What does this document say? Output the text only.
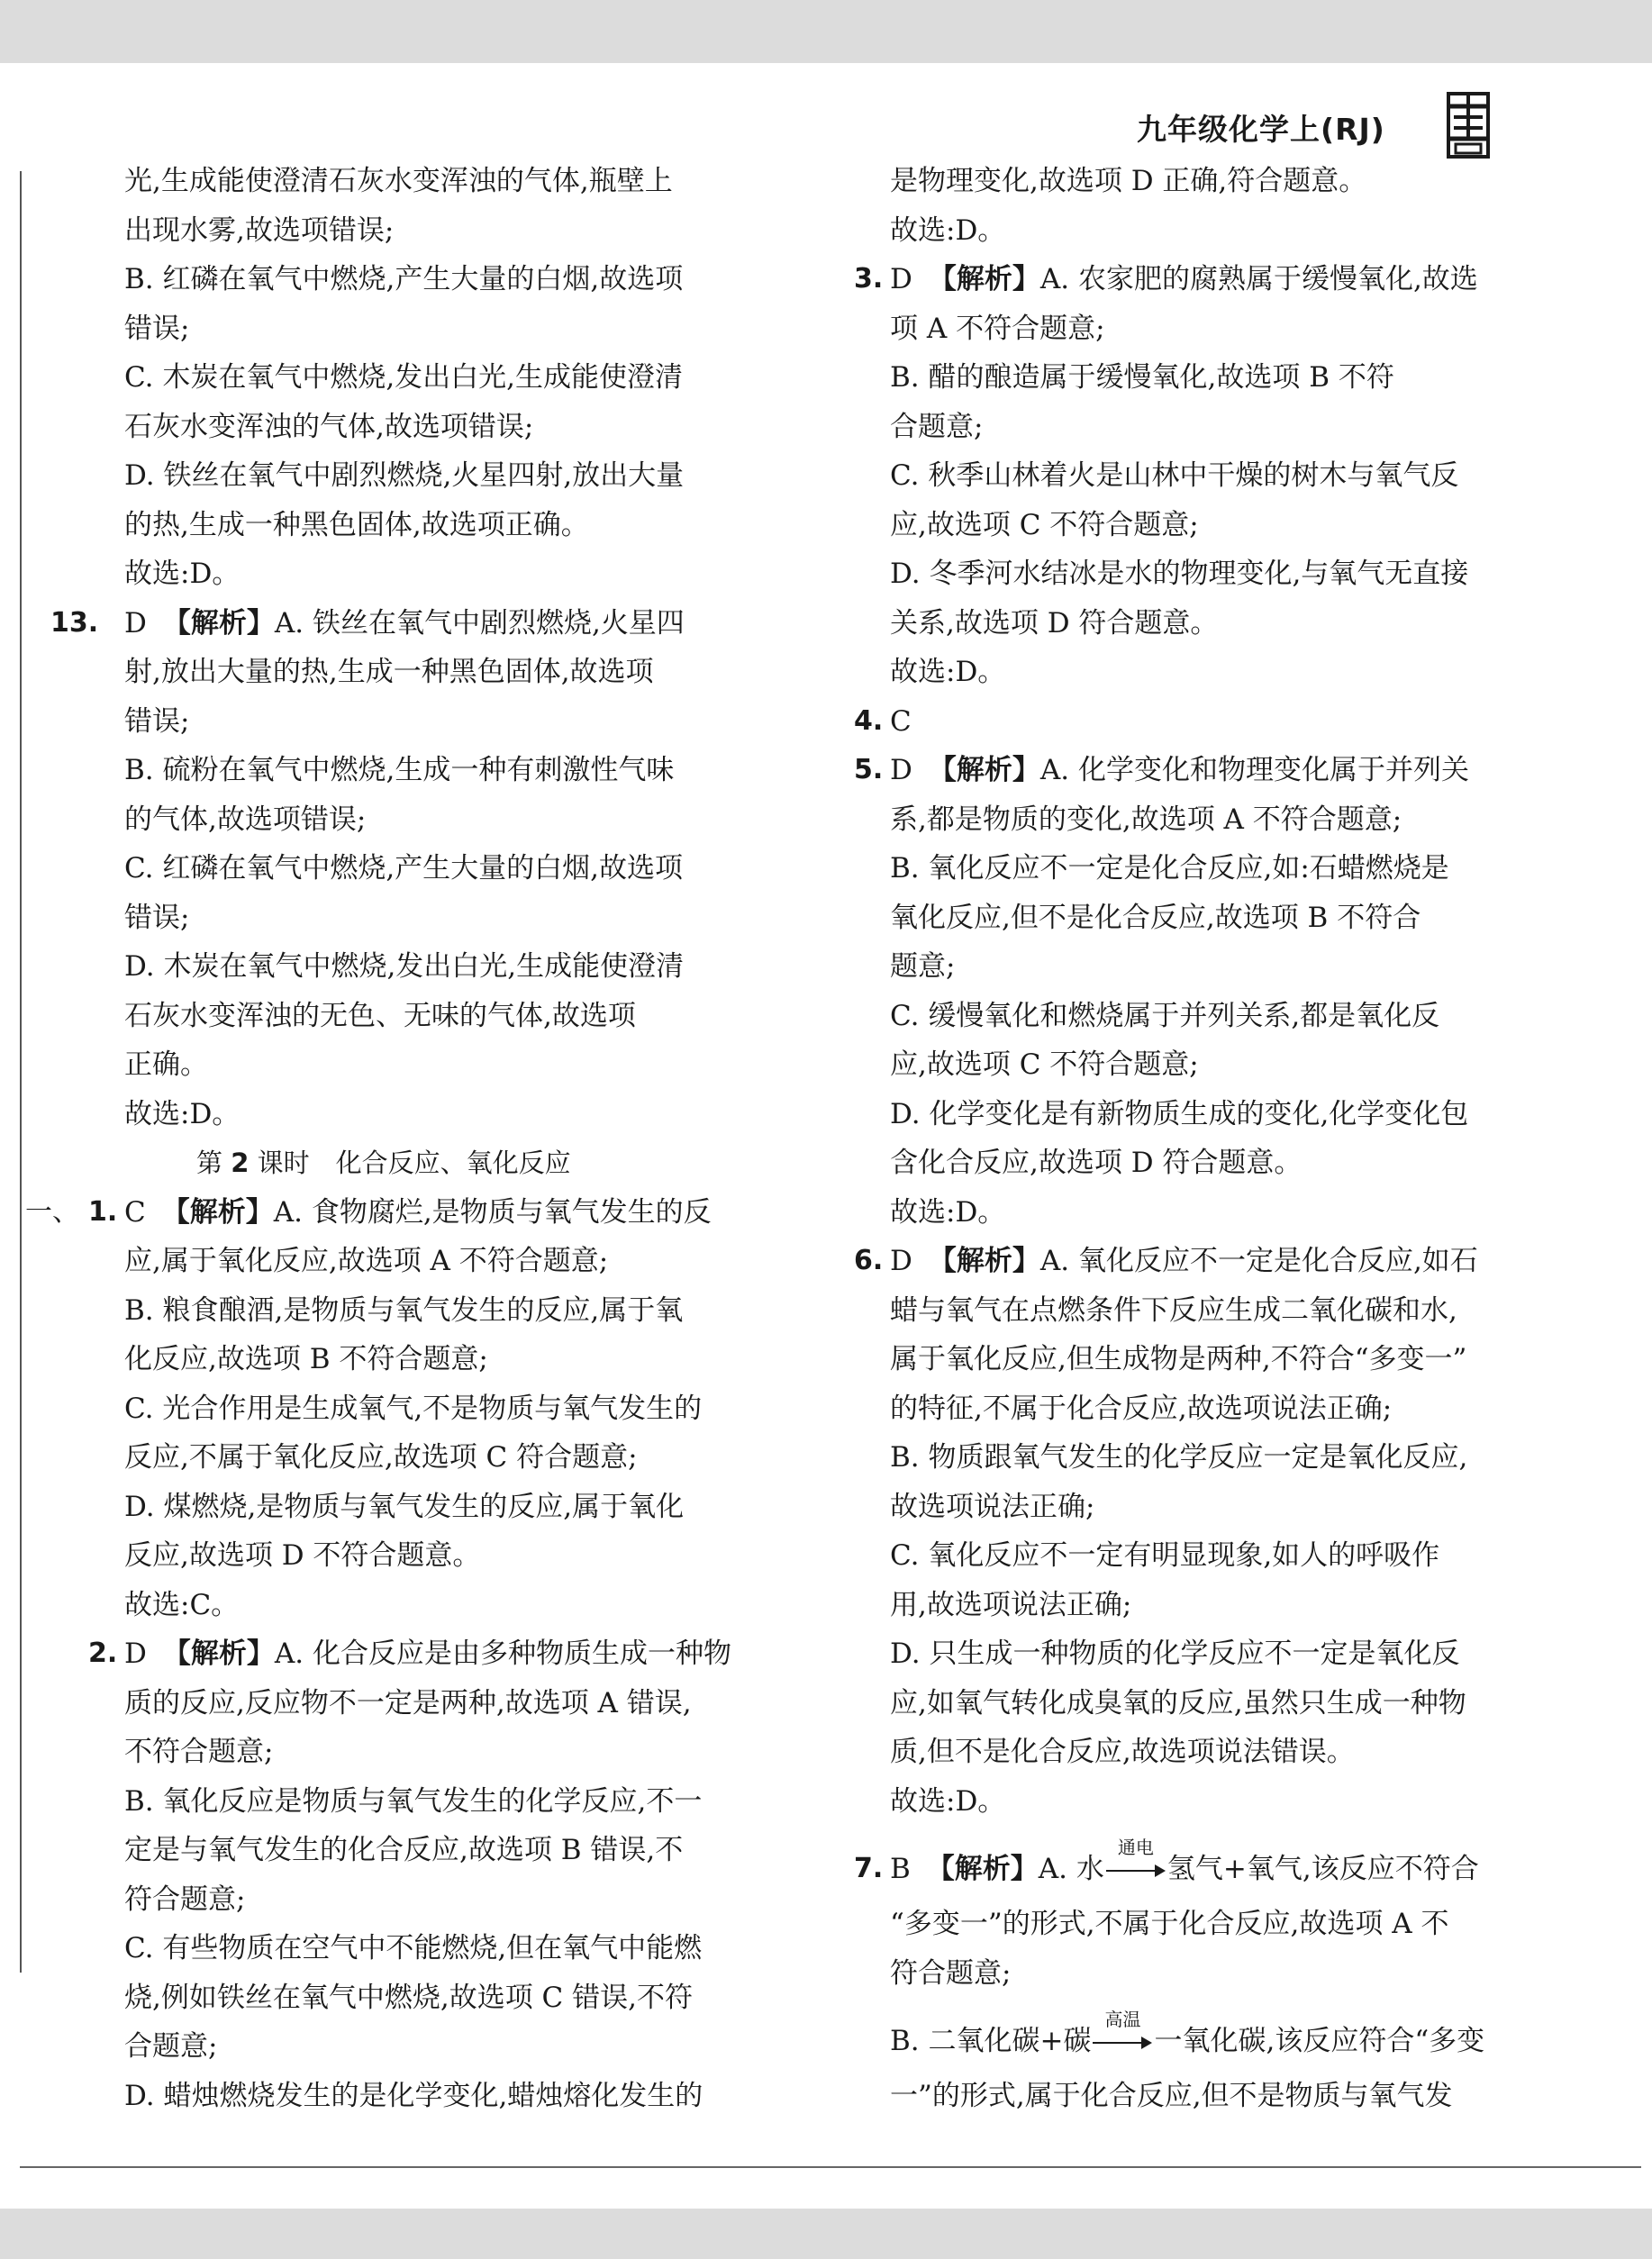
九年级化学上(RJ)
光,生成能使澄清石灰水变浑浊的气体,瓶壁上
出现水雾,故选项错误;
B. 红磷在氧气中燃烧,产生大量的白烟,故选项
错误;
C. 木炭在氧气中燃烧,发出白光,生成能使澄清
石灰水变浑浊的气体,故选项错误;
D. 铁丝在氧气中剧烈燃烧,火星四射,放出大量
的热,生成一种黑色固体,故选项正确。
故选:D。
13. D 【解析】A. 铁丝在氧气中剧烈燃烧,火星四
射,放出大量的热,生成一种黑色固体,故选项
错误;
B. 硫粉在氧气中燃烧,生成一种有刺激性气味
的气体,故选项错误;
C. 红磷在氧气中燃烧,产生大量的白烟,故选项
错误;
D. 木炭在氧气中燃烧,发出白光,生成能使澄清
石灰水变浑浊的无色、无味的气体,故选项
正确。
故选:D。
第 2 课时　化合反应、氧化反应
一、 1. C 【解析】A. 食物腐烂,是物质与氧气发生的反
应,属于氧化反应,故选项 A 不符合题意;
B. 粮食酿酒,是物质与氧气发生的反应,属于氧
化反应,故选项 B 不符合题意;
C. 光合作用是生成氧气,不是物质与氧气发生的
反应,不属于氧化反应,故选项 C 符合题意;
D. 煤燃烧,是物质与氧气发生的反应,属于氧化
反应,故选项 D 不符合题意。
故选:C。
2. D 【解析】A. 化合反应是由多种物质生成一种物
质的反应,反应物不一定是两种,故选项 A 错误,
不符合题意;
B. 氧化反应是物质与氧气发生的化学反应,不一
定是与氧气发生的化合反应,故选项 B 错误,不
符合题意;
C. 有些物质在空气中不能燃烧,但在氧气中能燃
烧,例如铁丝在氧气中燃烧,故选项 C 错误,不符
合题意;
D. 蜡烛燃烧发生的是化学变化,蜡烛熔化发生的
是物理变化,故选项 D 正确,符合题意。
故选:D。
3. D 【解析】A. 农家肥的腐熟属于缓慢氧化,故选
项 A 不符合题意;
B. 醋的酿造属于缓慢氧化,故选项 B 不符
合题意;
C. 秋季山林着火是山林中干燥的树木与氧气反
应,故选项 C 不符合题意;
D. 冬季河水结冰是水的物理变化,与氧气无直接
关系,故选项 D 符合题意。
故选:D。
4. C
5. D 【解析】A. 化学变化和物理变化属于并列关
系,都是物质的变化,故选项 A 不符合题意;
B. 氧化反应不一定是化合反应,如:石蜡燃烧是
氧化反应,但不是化合反应,故选项 B 不符合
题意;
C. 缓慢氧化和燃烧属于并列关系,都是氧化反
应,故选项 C 不符合题意;
D. 化学变化是有新物质生成的变化,化学变化包
含化合反应,故选项 D 符合题意。
故选:D。
6. D 【解析】A. 氧化反应不一定是化合反应,如石
蜡与氧气在点燃条件下反应生成二氧化碳和水,
属于氧化反应,但生成物是两种,不符合“多变一”
的特征,不属于化合反应,故选项说法正确;
B. 物质跟氧气发生的化学反应一定是氧化反应,
故选项说法正确;
C. 氧化反应不一定有明显现象,如人的呼吸作
用,故选项说法正确;
D. 只生成一种物质的化学反应不一定是氧化反
应,如氧气转化成臭氧的反应,虽然只生成一种物
质,但不是化合反应,故选项说法错误。
故选:D。
7. B 【解析】A. 水
通电
氢气+氧气,该反应不符合
“多变一”的形式,不属于化合反应,故选项 A 不
符合题意;
B. 二氧化碳+碳
高温
一氧化碳,该反应符合“多变
一”的形式,属于化合反应,但不是物质与氧气发
